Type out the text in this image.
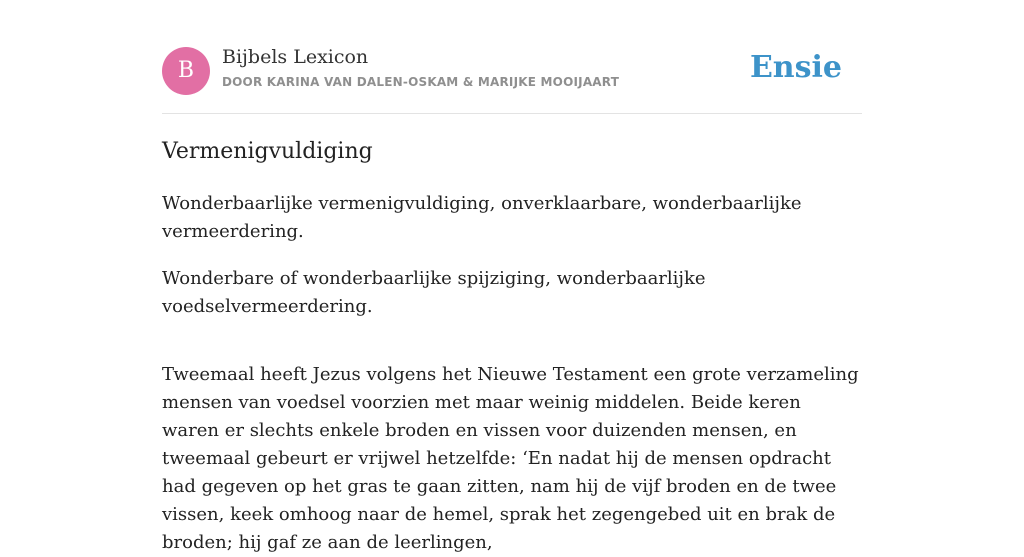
B
Bijbels Lexicon
DOOR KARINA VAN DALEN-OSKAM & MARIJKE MOOIJAART	Ensie
Vermenigvuldiging

Wonderbaarlijke vermenigvuldiging, onverklaarbare, wonderbaarlijke vermeerdering.

Wonderbare of wonderbaarlijke spijziging, wonderbaarlijke voedselvermeerdering.

Tweemaal heeft Jezus volgens het Nieuwe Testament een grote verzameling mensen van voedsel voorzien met maar weinig middelen. Beide keren waren er slechts enkele broden en vissen voor duizenden mensen, en tweemaal gebeurt er vrijwel hetzelfde: ‘En nadat hij de mensen opdracht had gegeven op het gras te gaan zitten, nam hij de vijf broden en de twee vissen, keek omhoog naar de hemel, sprak het zegengebed uit en brak de broden; hij gaf ze aan de leerlingen,
